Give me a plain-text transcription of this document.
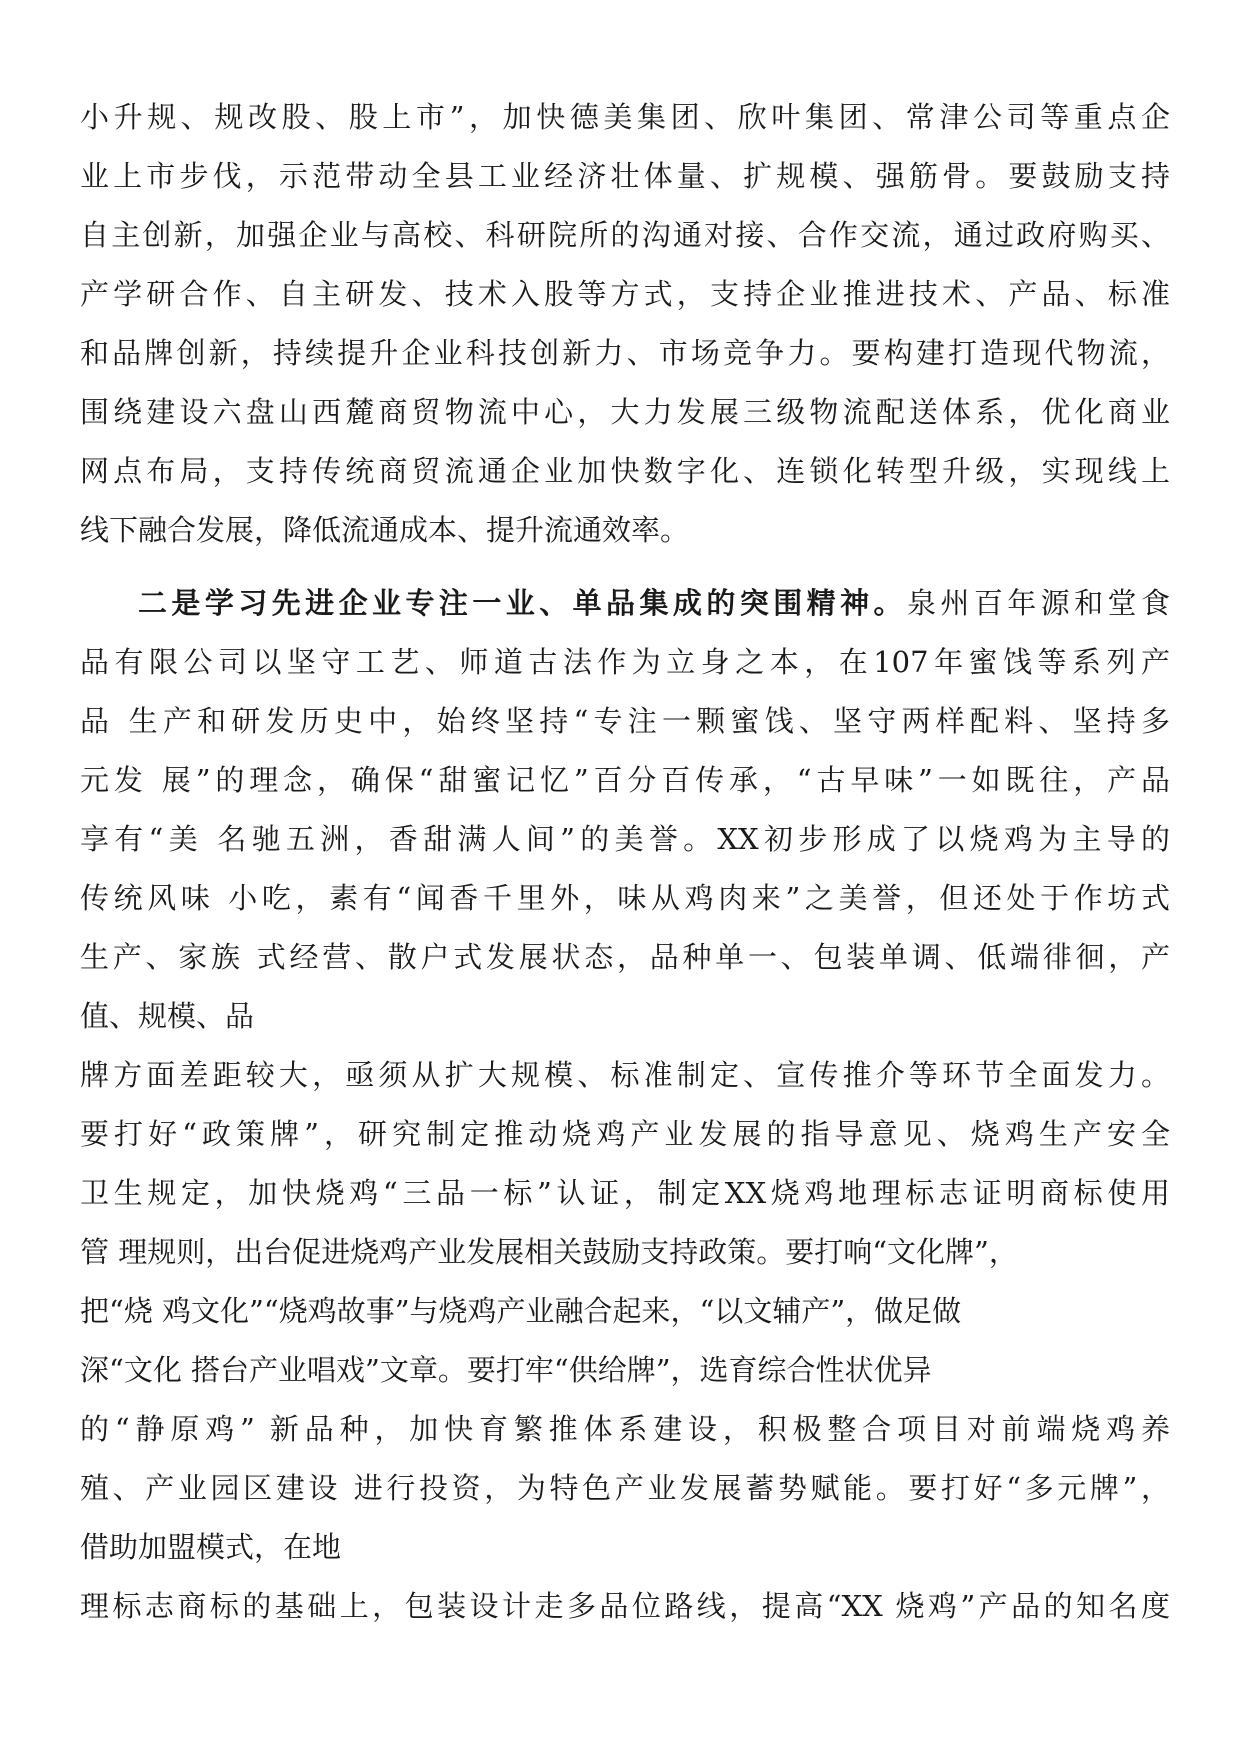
小升规、规改股、股上市”，加快德美集团、欣叶集团、常津公司等重点企
业上市步伐，示范带动全县工业经济壮体量、扩规模、强筋骨。要鼓励支持
自主创新，加强企业与高校、科研院所的沟通对接、合作交流，通过政府购买、
产学研合作、自主研发、技术入股等方式，支持企业推进技术、产品、标准
和品牌创新，持续提升企业科技创新力、市场竞争力。要构建打造现代物流，
围绕建设六盘山西麓商贸物流中心，大力发展三级物流配送体系，优化商业
网点布局，支持传统商贸流通企业加快数字化、连锁化转型升级，实现线上
线下融合发展，降低流通成本、提升流通效率。
二是学习先进企业专注一业、单品集成的突围精神。泉州百年源和堂食
品有限公司以坚守工艺、师道古法作为立身之本，在107年蜜饯等系列产
品 生产和研发历史中，始终坚持“专注一颗蜜饯、坚守两样配料、坚持多
元发 展”的理念，确保“甜蜜记忆”百分百传承，“古早味”一如既往，产品
享有“美 名驰五洲，香甜满人间”的美誉。XX初步形成了以烧鸡为主导的
传统风味 小吃，素有“闻香千里外，味从鸡肉来”之美誉，但还处于作坊式
生产、家族 式经营、散户式发展状态，品种单一、包装单调、低端徘徊，产
值、规模、品
牌方面差距较大，亟须从扩大规模、标准制定、宣传推介等环节全面发力。
要打好“政策牌”，研究制定推动烧鸡产业发展的指导意见、烧鸡生产安全
卫生规定，加快烧鸡“三品一标”认证，制定XX烧鸡地理标志证明商标使用
管 理规则，出台促进烧鸡产业发展相关鼓励支持政策。要打响“文化牌”，
把“烧 鸡文化”“烧鸡故事”与烧鸡产业融合起来，“以文辅产”，做足做
深“文化 搭台产业唱戏”文章。要打牢“供给牌”，选育综合性状优异
的“静原鸡” 新品种，加快育繁推体系建设，积极整合项目对前端烧鸡养
殖、产业园区建设 进行投资，为特色产业发展蓄势赋能。要打好“多元牌”，
借助加盟模式，在地
理标志商标的基础上，包装设计走多品位路线，提高“XX 烧鸡”产品的知名度
